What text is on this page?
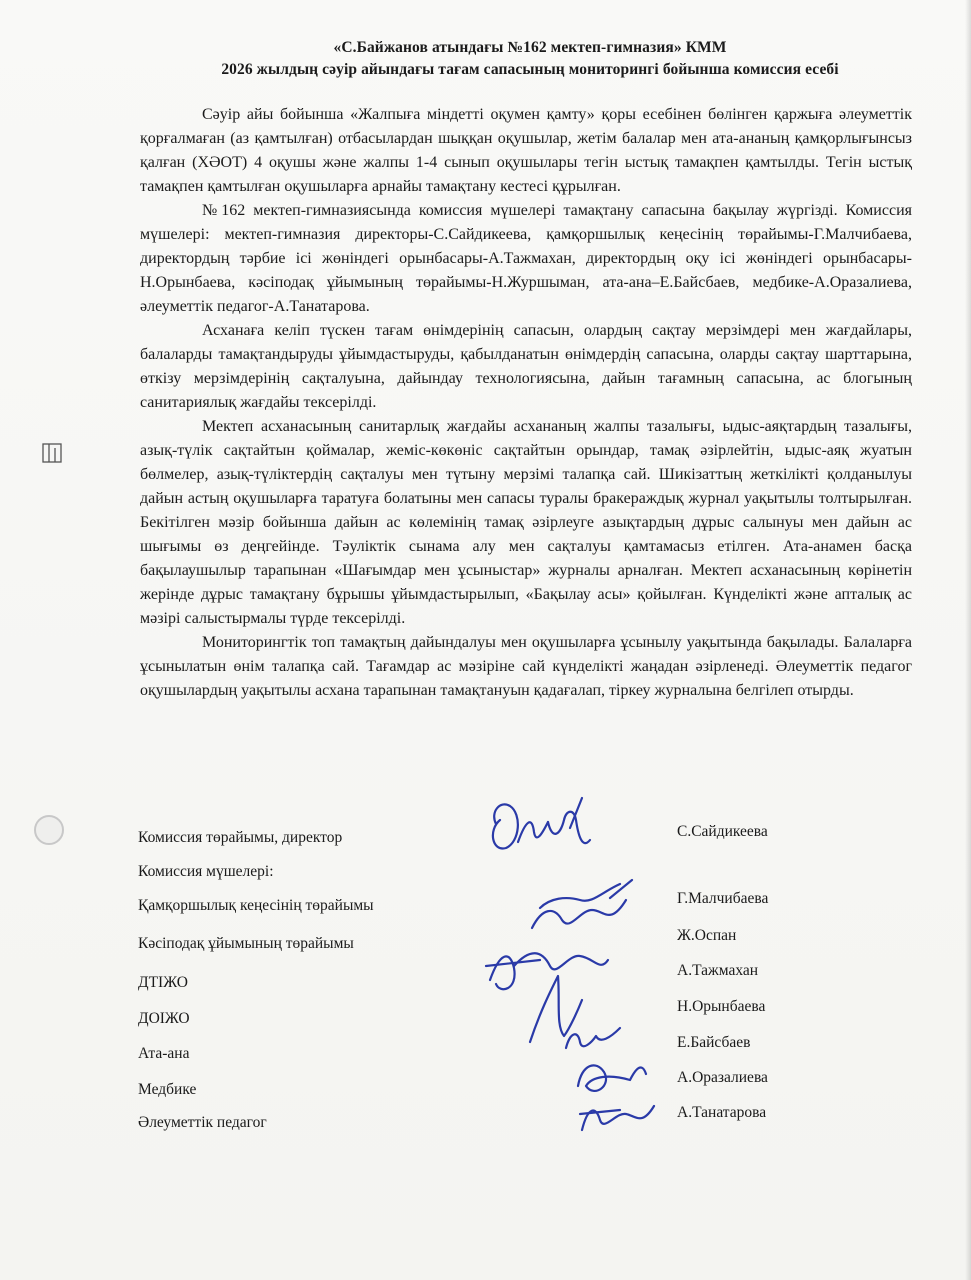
«С.Байжанов атындағы №162 мектеп-гимназия» КММ
2026 жылдың сәуір айындағы тағам сапасының мониторингі бойынша комиссия есебі

Сәуір айы бойынша «Жалпыға міндетті оқумен қамту» қоры есебінен бөлінген қаржыға әлеуметтік қорғалмаған (аз қамтылған) отбасылардан шыққан оқушылар, жетім балалар мен ата-ананың қамқорлығынсыз қалған (ХӘОТ) 4 оқушы және жалпы 1-4 сынып оқушылары тегін ыстық тамақпен қамтылды. Тегін ыстық тамақпен қамтылған оқушыларға арнайы тамақтану кестесі құрылған.

№162 мектеп-гимназиясында комиссия мүшелері тамақтану сапасына бақылау жүргізді. Комиссия мүшелері: мектеп-гимназия директоры-С.Сайдикеева, қамқоршылық кеңесінің төрайымы-Г.Малчибаева, директордың тәрбие ісі жөніндегі орынбасары-А.Тажмахан, директордың оқу ісі жөніндегі орынбасары-Н.Орынбаева, кәсіподақ ұйымының төрайымы-Н.Журшыман, ата-ана–Е.Байсбаев, медбике-А.Оразалиева, әлеуметтік педагог-А.Танатарова.

Асханаға келіп түскен тағам өнімдерінің сапасын, олардың сақтау мерзімдері мен жағдайлары, балаларды тамақтандыруды ұйымдастыруды, қабылданатын өнімдердің сапасына, оларды сақтау шарттарына, өткізу мерзімдерінің сақталуына, дайындау технологиясына, дайын тағамның сапасына, ас блогының санитариялық жағдайы тексерілді.

Мектеп асханасының санитарлық жағдайы асхананың жалпы тазалығы, ыдыс-аяқтардың тазалығы, азық-түлік сақтайтын қоймалар, жеміс-көкөніс сақтайтын орындар, тамақ әзірлейтін, ыдыс-аяқ жуатын бөлмелер, азық-түліктердің сақталуы мен түтыну мерзімі талапқа сай. Шикізаттың жеткілікті қолданылуы дайын астың оқушыларға таратуға болатыны мен сапасы туралы бракераждық журнал уақытылы толтырылған. Бекітілген мәзір бойынша дайын ас көлемінің тамақ әзірлеуге азықтардың дұрыс салынуы мен дайын ас шығымы өз деңгейінде. Тәуліктік сынама алу мен сақталуы қамтамасыз етілген. Ата-анамен басқа бақылаушылыр тарапынан «Шағымдар мен ұсыныстар» журналы арналған. Мектеп асханасының көрінетін жерінде дұрыс тамақтану бұрышы ұйымдастырылып, «Бақылау асы» қойылған. Күнделікті және апталық ас мәзірі салыстырмалы түрде тексерілді.

Мониторингтік топ тамақтың дайындалуы мен оқушыларға ұсынылу уақытында бақылады. Балаларға ұсынылатын өнім талапқа сай. Тағамдар ас мәзіріне сай күнделікті жаңадан әзірленеді. Әлеуметтік педагог оқушылардың уақытылы асхана тарапынан тамақтануын қадағалап, тіркеу журналына белгілеп отырды.

Комиссия төрайымы, директор
Комиссия мүшелері:
Қамқоршылық кеңесінің төрайымы
Кәсіподақ ұйымының төрайымы
ДТІЖО
ДОІЖО
Ата-ана
Медбике
Әлеуметтік педагог
С.Сайдикеева
Г.Малчибаева
Ж.Оспан
А.Тажмахан
Н.Орынбаева
Е.Байсбаев
А.Оразалиева
А.Танатарова
